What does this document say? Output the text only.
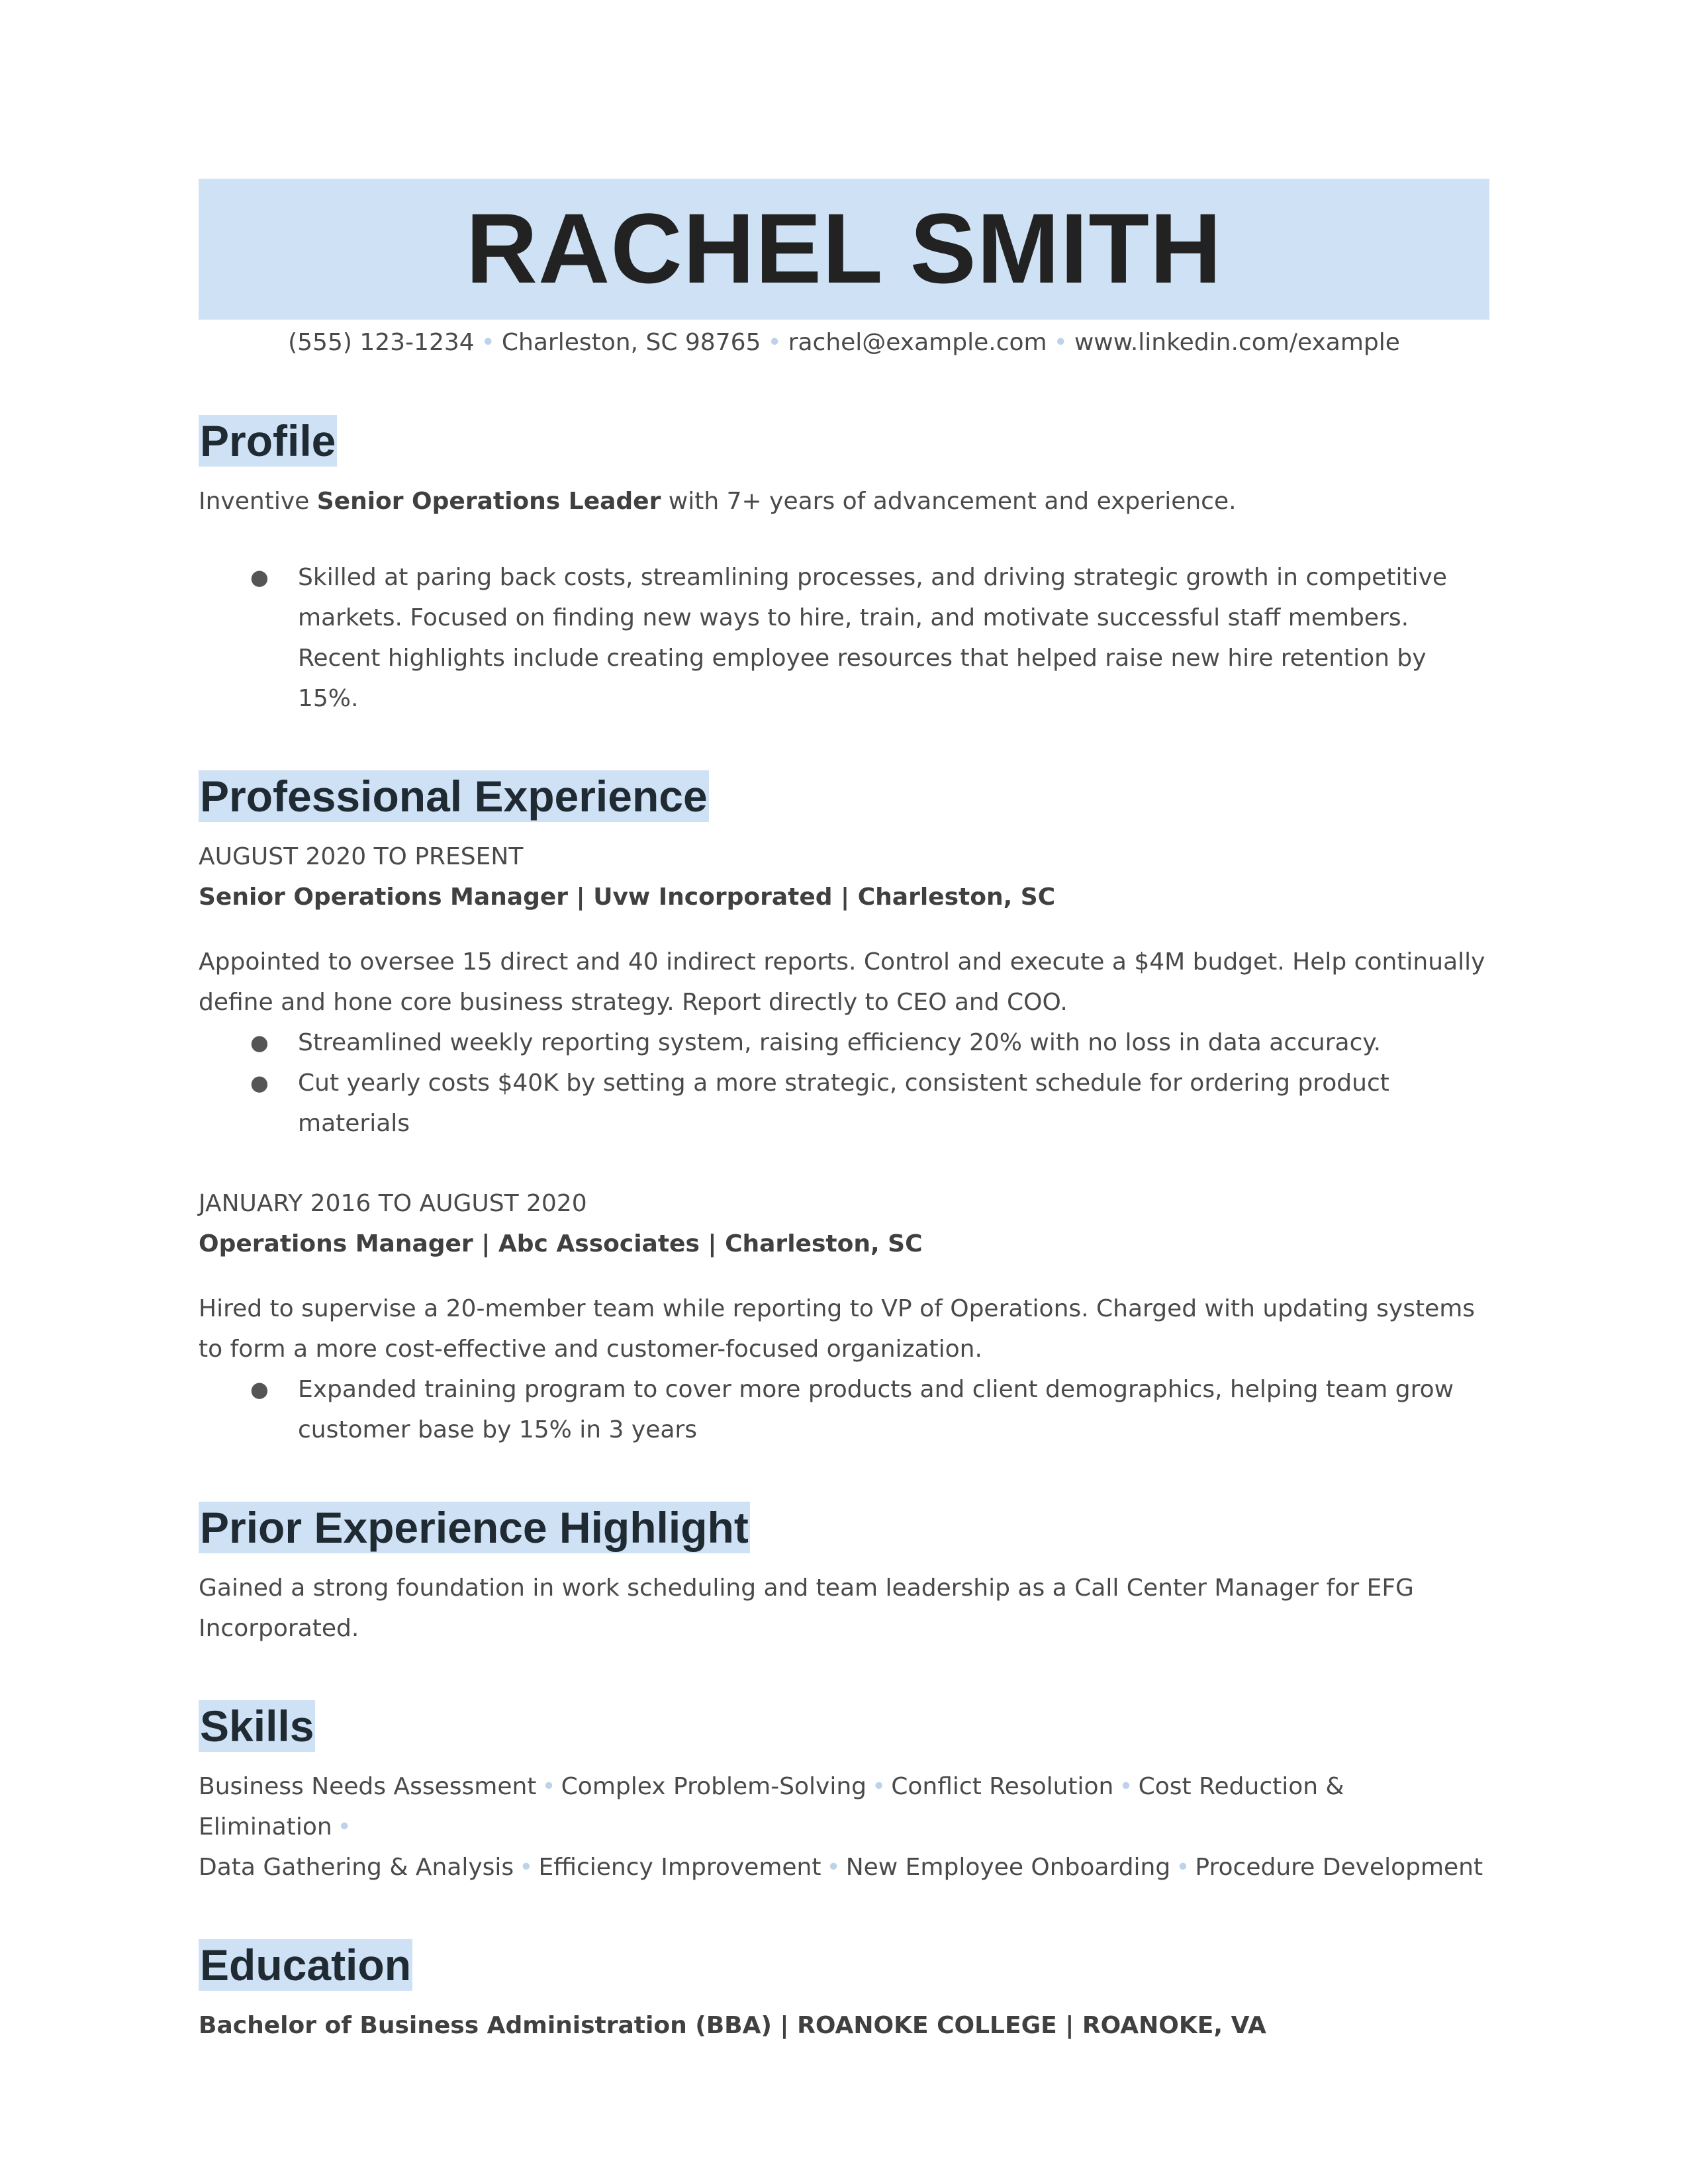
RACHEL SMITH
(555) 123-1234 • Charleston, SC 98765 • rachel@example.com • www.linkedin.com/example
Profile
Inventive Senior Operations Leader with 7+ years of advancement and experience.
● Skilled at paring back costs, streamlining processes, and driving strategic growth in competitive markets. Focused on finding new ways to hire, train, and motivate successful staff members. Recent highlights include creating employee resources that helped raise new hire retention by 15%.
Professional Experience
AUGUST 2020 TO PRESENT
Senior Operations Manager | Uvw Incorporated | Charleston, SC
Appointed to oversee 15 direct and 40 indirect reports. Control and execute a $4M budget. Help continually define and hone core business strategy. Report directly to CEO and COO.
● Streamlined weekly reporting system, raising efficiency 20% with no loss in data accuracy.
● Cut yearly costs $40K by setting a more strategic, consistent schedule for ordering product materials
JANUARY 2016 TO AUGUST 2020
Operations Manager | Abc Associates | Charleston, SC
Hired to supervise a 20-member team while reporting to VP of Operations. Charged with updating systems to form a more cost-effective and customer-focused organization.
● Expanded training program to cover more products and client demographics, helping team grow customer base by 15% in 3 years
Prior Experience Highlight
Gained a strong foundation in work scheduling and team leadership as a Call Center Manager for EFG Incorporated.
Skills
Business Needs Assessment • Complex Problem-Solving • Conflict Resolution • Cost Reduction & Elimination •
Data Gathering & Analysis • Efficiency Improvement • New Employee Onboarding • Procedure Development
Education
Bachelor of Business Administration (BBA) | ROANOKE COLLEGE | ROANOKE, VA
